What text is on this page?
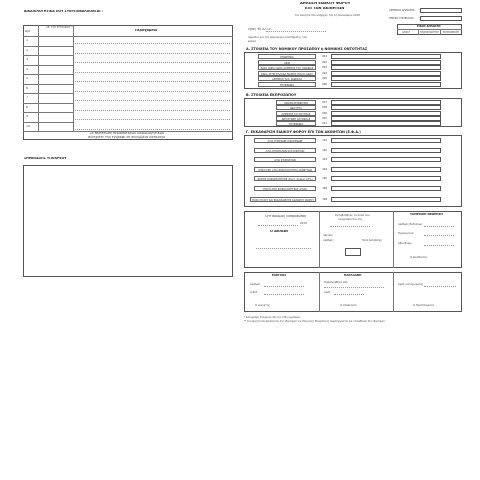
ΔΙΚΑΙΟΛΟΓΗΤΙΚΑ ΠΟΥ ΣΥΝΥΠΟΒΑΛΛΟΝΤΑΙ :
Α/Α
ΑΡ. ΤΟΥ ΕΓΓΡΑΦΟΥ *
Περιεχόμενο
1
2
3
4
5
6
7
8
9
10
Σε περίπτωση περισσότερων δικαιολογητικών
συνεχίστε την εγγραφή σε συνημμένο κατάλογο
ΣΗΜΕΙΩΣΕΙΣ ΥΠΟΧΡΕΟΥ
ΔΗΛΩΣΗ ΕΙΔΙΚΟΥ ΦΟΡΟΥ
ΕΠΙ ΤΩΝ ΑΚΙΝΗΤΩΝ
Για ακίνητα που υπήρχαν την 1η Ιανουαρίου 2018
ΑΡΙΘΜΟΣ ΔΗΛΩΣΗΣ :
ΗΜΕΡΑ ΥΠΟΒΟΛΗΣ :
ΕΙΔΟΣ ΔΗΛΩΣΗΣ
ΑΡΧΙΚΗ	ΤΡΟΠΟΠΟΙΗΤΙΚΗ ΕΚΠΡΟΘΕΣΜΗ
Προς τη Δ.Ο.Υ.
Αρμόδια για την φορολογία εισοδήματος του
φορέα
Α. ΣΤΟΙΧΕΙΑ ΤΟΥ ΝΟΜΙΚΟΥ ΠΡΟΣΩΠΟΥ ή ΝΟΜΙΚΗΣ ΟΝΤΟΤΗΤΑΣ
ΕΠΩΝΥΜΙΑ	001
ΑΦΜ	002
ΕΔΡΑ ΧΩΡΑ ΟΔΟΣ ΑΡΙΘΜΟΣ ΤΑΧ. ΚΩΔΙΚΑΣ	003
ΕΔΡΑ ΣΤΗΝ ΕΛΛΑΔΑ ΝΟΜΟΣ ΠΟΛΗ ΟΔΟΣ	004
ΑΡΙΘΜΟΣ ΤΑΧ. ΚΩΔΙΚΑΣ	005
ΤΗΛΕΦΩΝΟ	006
Β. ΣΤΟΙΧΕΙΑ ΕΚΠΡΟΣΩΠΟΥ
ΟΝΟΜΑΤΕΠΩΝΥΜΟ	007
ΙΔΙΟΤΗΤΑ	008
ΑΡΙΘΜΟΣ ΤΑΥΤΟΤΗΤΑΣ	009
ΔΙΕΥΘΥΝΣΗ ΚΑΤΟΙΚΙΑΣ	010
ΤΗΛΕΦΩΝΟ	011
Γ. ΕΚΚΑΘΑΡΙΣΗ ΕΙΔΙΚΟΥ ΦΟΡΟΥ ΕΠΙ ΤΩΝ ΑΚΙΝΗΤΩΝ (Ε.Φ.Α.)
ΑΞΙΑ ΓΗΠΕΔΩΝ ΟΙΚΟΠΕΔΩΝ	101
ΑΞΙΑ ΚΤΙΣΜΑΤΩΝ ΚΑΤΑΣΚΕΥΩΝ	102
ΑΞΙΑ ΚΤΙΣΜΑΤΩΝ	103
ΣΥΝΟΛΙΚΗ ΑΞΙΑ ΦΟΡΟΛΟΓΗΤΕΑ ΑΚΙΝΗΤΩΝ	104
ΦΟΡΟΣ ΠΑΡΑΚΡΑΤΗΣΗΣ (Συντ. Κυρίας 15%)	105
ΠΟΣΟ ΑΠΟ ΦΟΡΟΛΟΓΗΤΕΑΣ ΑΞΙΑΣ	106
ΠΟΣΟ ΗΛΙΟΥ ΚΑΙ ΕΚΚΑΘΑΡΙΣΗΣ ΚΑΘΑΡΟΥ ΦΟΡΟΥ	108
Ο/Η Νόμιμος Εκπρόσωπος
2018
Ο ΔΗΛΩΝ
Καταβλήθηκε τα ποσά που
αναγράφονται στη
οφειλές
Αριθμός	Ποσό Καταβολής
ΤΑΜΕΙΑΚΗ ΘΕΩΡΗΣΗ
Αριθμός Εκδόσεως
Ημερομηνία
Αξία Ευρώ
Ο Διευθυντής
ΕΛΕΓΧΟΣ
Αριθμός
Α.Φ.Ε.
Ο ελεγκτής
ΠΑΡΑΛΑΒΗ
Παραλήφθηκε από
Αριθ.
Ο Υπάλληλος
Αριθ. καταχώρισης
Ο Προϊστάμενος
* Καταγραφή στοιχείων από την τάξη εγγράφων
** Για ακίνητα που βρίσκονται στο εξωτερικό της Ελληνικής Επικράτειας συμπληρώνεται και η διεύθυνση στο εξωτερικό
